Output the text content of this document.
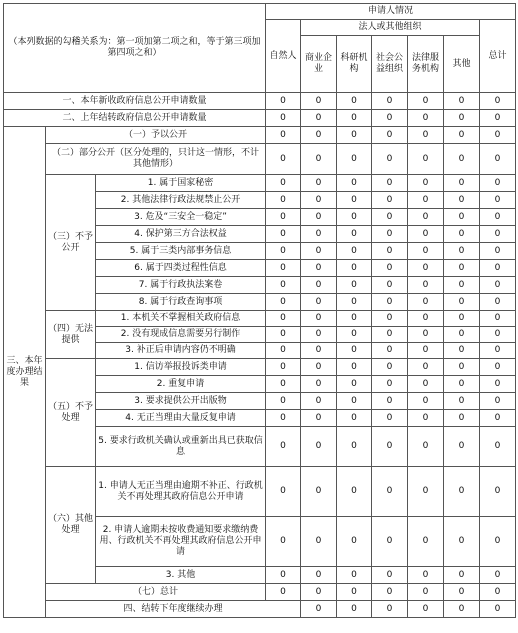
（本列数据的勾稽关系为：第一项加第二项之和，等于第三项加第四项之和）			申请人情况							
			自然人	法人或其他组织					总计	
				商业企业	科研机构	社会公益组织	法律服务机构	其他		
一、本年新收政府信息公开申请数量			0	0	0	0	0	0	0	
二、上年结转政府信息公开申请数量			0	0	0	0	0	0	0	
三、本年度办理结果	（一）予以公开		0	0	0	0	0	0	0	
	（二）部分公开（区分处理的，只计这一情形，不计其他情形）		0	0	0	0	0	0	0	
	（三）不予公开	1. 属于国家秘密	0	0	0	0	0	0	0	
		2. 其他法律行政法规禁止公开	0	0	0	0	0	0	0	
		3. 危及“三安全一稳定”	0	0	0	0	0	0	0	
		4. 保护第三方合法权益	0	0	0	0	0	0	0	
		5. 属于三类内部事务信息	0	0	0	0	0	0	0	
		6. 属于四类过程性信息	0	0	0	0	0	0	0	
		7. 属于行政执法案卷	0	0	0	0	0	0	0	
		8. 属于行政查询事项	0	0	0	0	0	0	0	
	（四）无法提供	1. 本机关不掌握相关政府信息	0	0	0	0	0	0	0	
		2. 没有现成信息需要另行制作	0	0	0	0	0	0	0	
		3. 补正后申请内容仍不明确	0	0	0	0	0	0	0	
	（五）不予处理	1. 信访举报投诉类申请	0	0	0	0	0	0	0	
		2. 重复申请	0	0	0	0	0	0	0	
		3. 要求提供公开出版物	0	0	0	0	0	0	0	
		4. 无正当理由大量反复申请	0	0	0	0	0	0	0	
		5. 要求行政机关确认或重新出具已获取信息	0	0	0	0	0	0	0	
	（六）其他处理	1. 申请人无正当理由逾期不补正、行政机关不再处理其政府信息公开申请	0	0	0	0	0	0	0	
		2. 申请人逾期未按收费通知要求缴纳费用、行政机关不再处理其政府信息公开申请	0	0	0	0	0	0	0	
		3. 其他	0	0	0	0	0	0	0	
	（七）总计		0	0	0	0	0	0	0	
	四、结转下年度继续办理			0	0	0	0	0	0	
